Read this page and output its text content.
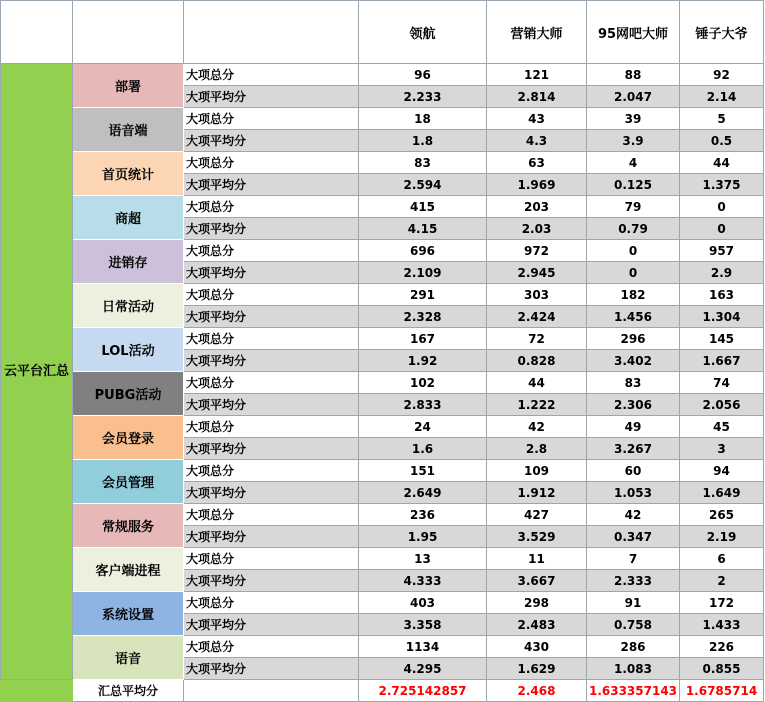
			领航	营销大师	95网吧大师	锤子大爷
云平台汇总	部署	大项总分	96	121	88	92
		大项平均分	2.233	2.814	2.047	2.14
	语音端	大项总分	18	43	39	5
		大项平均分	1.8	4.3	3.9	0.5
	首页统计	大项总分	83	63	4	44
		大项平均分	2.594	1.969	0.125	1.375
	商超	大项总分	415	203	79	0
		大项平均分	4.15	2.03	0.79	0
	进销存	大项总分	696	972	0	957
		大项平均分	2.109	2.945	0	2.9
	日常活动	大项总分	291	303	182	163
		大项平均分	2.328	2.424	1.456	1.304
	LOL活动	大项总分	167	72	296	145
		大项平均分	1.92	0.828	3.402	1.667
	PUBG活动	大项总分	102	44	83	74
		大项平均分	2.833	1.222	2.306	2.056
	会员登录	大项总分	24	42	49	45
		大项平均分	1.6	2.8	3.267	3
	会员管理	大项总分	151	109	60	94
		大项平均分	2.649	1.912	1.053	1.649
	常规服务	大项总分	236	427	42	265
		大项平均分	1.95	3.529	0.347	2.19
	客户端进程	大项总分	13	11	7	6
		大项平均分	4.333	3.667	2.333	2
	系统设置	大项总分	403	298	91	172
		大项平均分	3.358	2.483	0.758	1.433
	语音	大项总分	1134	430	286	226
		大项平均分	4.295	1.629	1.083	0.855
	汇总平均分		2.725142857	2.468	1.633357143	1.6785714
